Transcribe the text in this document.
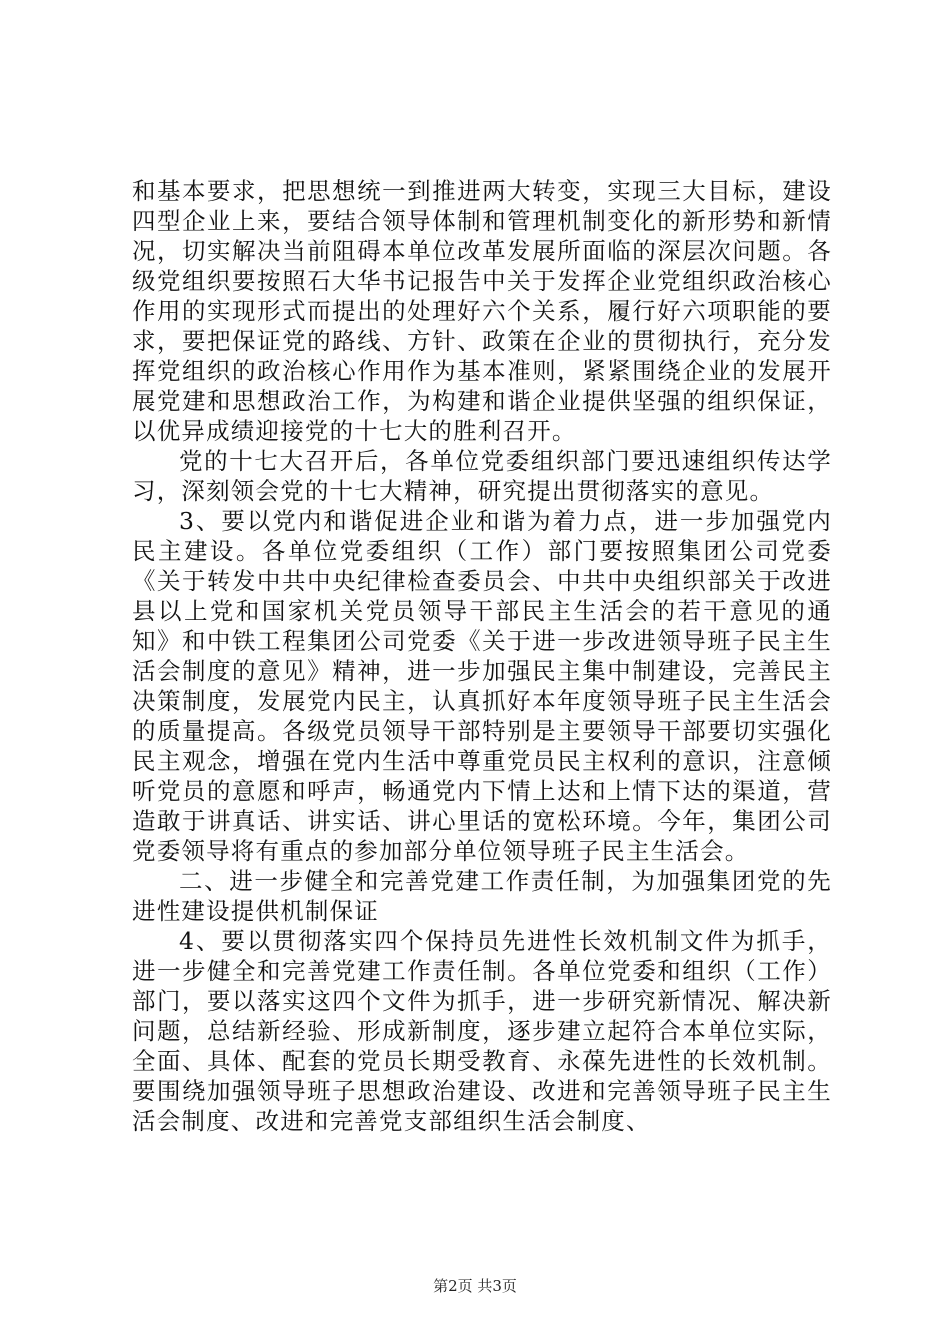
和基本要求，把思想统一到推进两大转变，实现三大目标，建设四型企业上来，要结合领导体制和管理机制变化的新形势和新情况，切实解决当前阻碍本单位改革发展所面临的深层次问题。各级党组织要按照石大华书记报告中关于发挥企业党组织政治核心作用的实现形式而提出的处理好六个关系，履行好六项职能的要求，要把保证党的路线、方针、政策在企业的贯彻执行，充分发挥党组织的政治核心作用作为基本准则，紧紧围绕企业的发展开展党建和思想政治工作，为构建和谐企业提供坚强的组织保证，以优异成绩迎接党的十七大的胜利召开。

党的十七大召开后，各单位党委组织部门要迅速组织传达学习，深刻领会党的十七大精神，研究提出贯彻落实的意见。

3、要以党内和谐促进企业和谐为着力点，进一步加强党内民主建设。各单位党委组织（工作）部门要按照集团公司党委《关于转发中共中央纪律检查委员会、中共中央组织部关于改进县以上党和国家机关党员领导干部民主生活会的若干意见的通知》和中铁工程集团公司党委《关于进一步改进领导班子民主生活会制度的意见》精神，进一步加强民主集中制建设，完善民主决策制度，发展党内民主，认真抓好本年度领导班子民主生活会的质量提高。各级党员领导干部特别是主要领导干部要切实强化民主观念，增强在党内生活中尊重党员民主权利的意识，注意倾听党员的意愿和呼声，畅通党内下情上达和上情下达的渠道，营造敢于讲真话、讲实话、讲心里话的宽松环境。今年，集团公司党委领导将有重点的参加部分单位领导班子民主生活会。

二、进一步健全和完善党建工作责任制，为加强集团党的先进性建设提供机制保证

4、要以贯彻落实四个保持员先进性长效机制文件为抓手，进一步健全和完善党建工作责任制。各单位党委和组织（工作）部门，要以落实这四个文件为抓手，进一步研究新情况、解决新问题，总结新经验、形成新制度，逐步建立起符合本单位实际，全面、具体、配套的党员长期受教育、永葆先进性的长效机制。要围绕加强领导班子思想政治建设、改进和完善领导班子民主生活会制度、改进和完善党支部组织生活会制度、

第2页 共3页
